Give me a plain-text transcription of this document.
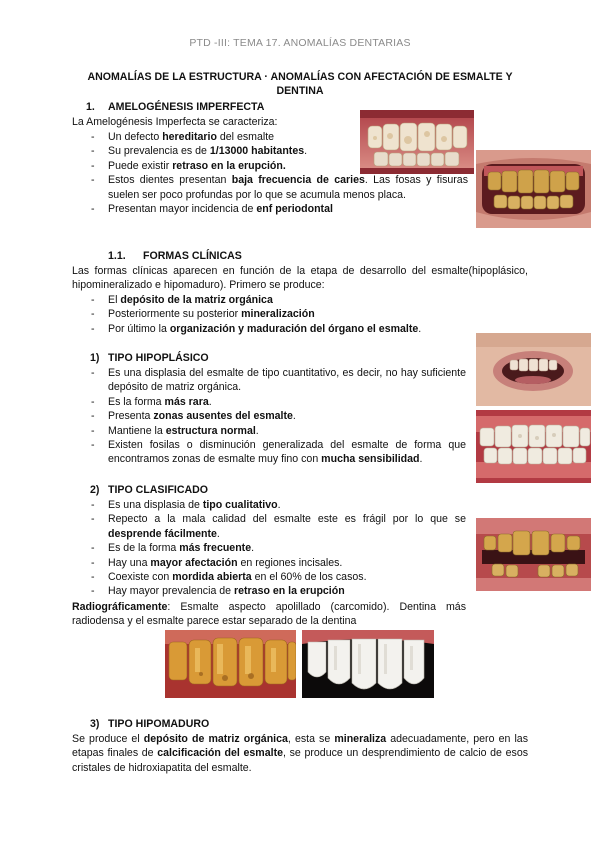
PTD -III: TEMA 17. ANOMALÍAS DENTARIAS
ANOMALÍAS DE LA ESTRUCTURA · ANOMALÍAS CON AFECTACIÓN DE ESMALTE Y DENTINA
1. AMELOGÉNESIS IMPERFECTA
La Amelogénesis Imperfecta se caracteriza:
- Un defecto hereditario del esmalte
- Su prevalencia es de 1/13000 habitantes.
- Puede existir retraso en la erupción.
- Estos dientes presentan baja frecuencia de caries. Las fosas y fisuras suelen ser poco profundas por lo que se acumula menos placa.
- Presentan mayor incidencia de enf periodontal
1.1. FORMAS CLÍNICAS
Las formas clínicas aparecen en función de la etapa de desarrollo del esmalte(hipoplásico, hipomineralizado e hipomaduro). Primero se produce:
- El depósito de la matriz orgánica
- Posteriormente su posterior mineralización
- Por último la organización y maduración del órgano el esmalte.
1) TIPO HIPOPLÁSICO
- Es una displasia del esmalte de tipo cuantitativo, es decir, no hay suficiente depósito de matriz orgánica.
- Es la forma más rara.
- Presenta zonas ausentes del esmalte.
- Mantiene la estructura normal.
- Existen fosilas o disminución generalizada del esmalte de forma que encontramos zonas de esmalte muy fino con mucha sensibilidad.
2) TIPO CLASIFICADO
- Es una displasia de tipo cualitativo.
- Repecto a la mala calidad del esmalte este es frágil por lo que se desprende fácilmente.
- Es de la forma más frecuente.
- Hay una mayor afectación en regiones incisales.
- Coexiste con mordida abierta en el 60% de los casos.
- Hay mayor prevalencia de retraso en la erupción
Radiográficamente: Esmalte aspecto apolillado (carcomido). Dentina más radiodensa y el esmalte parece estar separado de la dentina
3) TIPO HIPOMADURO
Se produce el depósito de matriz orgánica, esta se mineraliza adecuadamente, pero en las etapas finales de calcificación del esmalte, se produce un desprendimiento de calcio de esos cristales de hidroxiapatita del esmalte.
